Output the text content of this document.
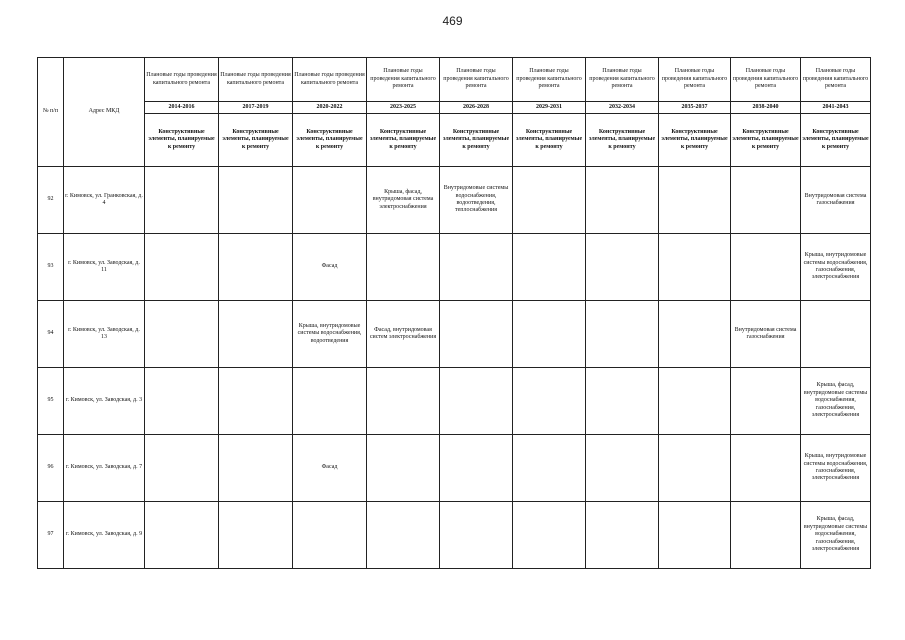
469
№ п/п	Адрес МКД	Плановые годы проведения капитального ремонта	Плановые годы проведения капитального ремонта	Плановые годы проведения капитального ремонта	Плановые годы проведения капитального ремонта	Плановые годы проведения капитального ремонта	Плановые годы проведения капитального ремонта	Плановые годы проведения капитального ремонта	Плановые годы проведения капитального ремонта	Плановые годы проведения капитального ремонта	Плановые годы проведения капитального ремонта
		2014-2016	2017-2019	2020-2022	2023-2025	2026-2028	2029-2031	2032-2034	2035-2037	2038-2040	2041-2043
		Конструктивные элементы, планируемые к ремонту	Конструктивные элементы, планируемые к ремонту	Конструктивные элементы, планируемые к ремонту	Конструктивные элементы, планируемые к ремонту	Конструктивные элементы, планируемые к ремонту	Конструктивные элементы, планируемые к ремонту	Конструктивные элементы, планируемые к ремонту	Конструктивные элементы, планируемые к ремонту	Конструктивные элементы, планируемые к ремонту	Конструктивные элементы, планируемые к ремонту
92	г. Кимовск, ул. Гранковская, д. 4				Крыша, фасад, внутридомовая система электроснабжения	Внутридомовые системы водоснабжения, водоотведения, теплоснабжения					Внутридомовая система газоснабжения
93	г. Кимовск, ул. Заводская, д. 11			Фасад							Крыша, внутридомовые системы водоснабжения, газоснабжения, электроснабжения
94	г. Кимовск, ул. Заводская, д. 13			Крыша, внутридомовые системы водоснабжения, водоотведения	Фасад, внутридомовая систем электроснабжения					Внутридомовая система газоснабжения	
95	г. Кимовск, ул. Заводская, д. 3										Крыша, фасад, внутридомовые системы водоснабжения, газоснабжения, электроснабжения
96	г. Кимовск, ул. Заводская, д. 7			Фасад							Крыша, внутридомовые системы водоснабжения, газоснабжения, электроснабжения
97	г. Кимовск, ул. Заводская, д. 9										Крыша, фасад, внутридомовые системы водоснабжения, газоснабжения, электроснабжения
